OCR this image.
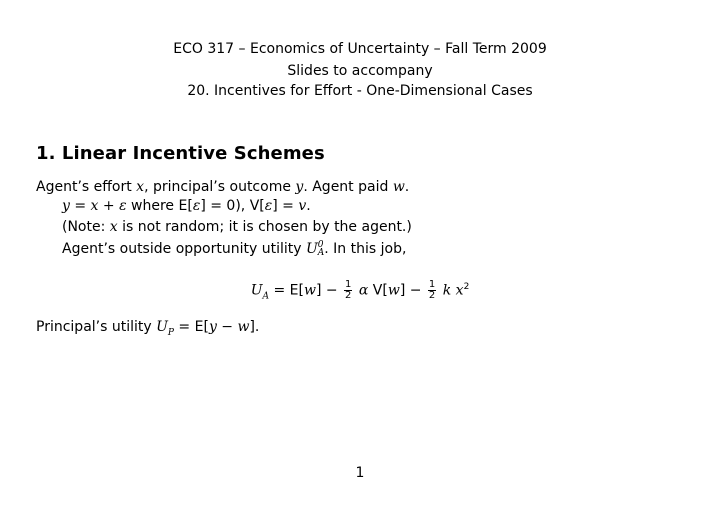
ECO 317 – Economics of Uncertainty – Fall Term 2009
Slides to accompany
20. Incentives for Effort - One-Dimensional Cases
1. Linear Incentive Schemes
Agent’s effort x, principal’s outcome y. Agent paid w.
y = x + ε where E[ε] = 0), V[ε] = v.
(Note: x is not random; it is chosen by the agent.)
Agent’s outside opportunity utility U 0
A . In this job,
$U_A = E[w] - \frac{1}{2}$ α $V[w] - \frac{1}{2}$ k $x^2$
Principal’s utility $U_P = E[y - w]$.
1
